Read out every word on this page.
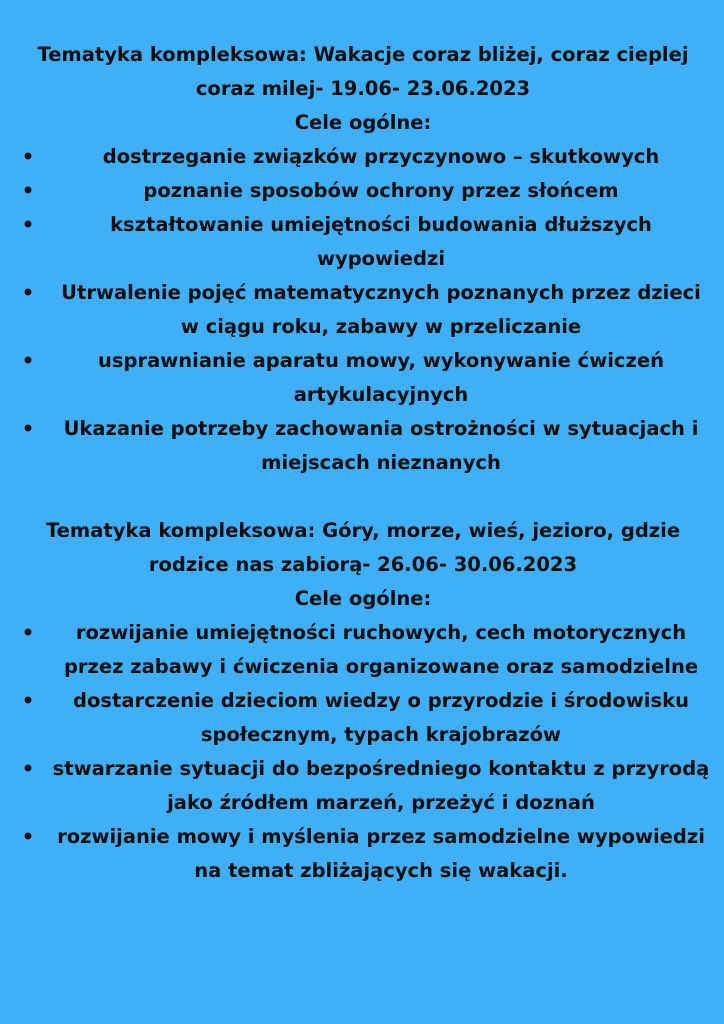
Tematyka kompleksowa: Wakacje coraz bliżej, coraz cieplej coraz milej- 19.06- 23.06.2023

Cele ogólne:

•	dostrzeganie związków przyczynowo – skutkowych
•	poznanie sposobów ochrony przez słońcem
•	kształtowanie umiejętności budowania dłuższych wypowiedzi
• Utrwalenie pojęć matematycznych poznanych przez dzieci w ciągu roku, zabawy w przeliczanie
•	usprawnianie aparatu mowy, wykonywanie ćwiczeń artykulacyjnych
• Ukazanie potrzeby zachowania ostrożności w sytuacjach i miejscach nieznanych

Tematyka kompleksowa: Góry, morze, wieś, jezioro, gdzie rodzice nas zabiorą- 26.06- 30.06.2023

Cele ogólne:

• rozwijanie umiejętności ruchowych, cech motorycznych przez zabawy i ćwiczenia organizowane oraz samodzielne
• dostarczenie dzieciom wiedzy o przyrodzie i środowisku społecznym, typach krajobrazów
• stwarzanie sytuacji do bezpośredniego kontaktu z przyrodą jako źródłem marzeń, przeżyć i doznań
• rozwijanie mowy i myślenia przez samodzielne wypowiedzi na temat zbliżających się wakacji.
